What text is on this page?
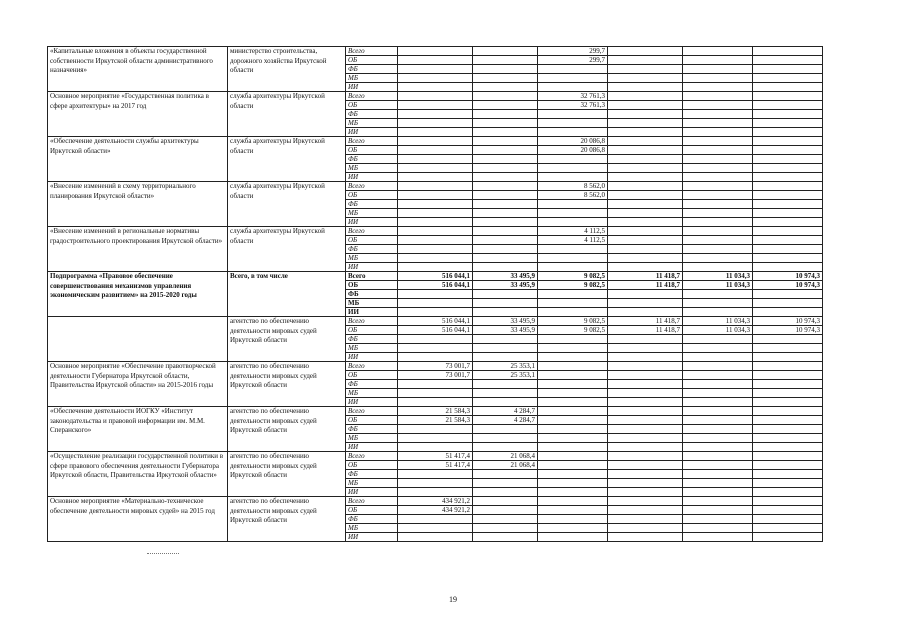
«Капитальные вложения в объекты государственной собственности Иркутской области административного назначения»	министерство строительства, дорожного хозяйства Иркутской области	Всего			299,7			
		ОБ			299,7			
		ФБ						
		МБ						
		ИИ						
Основное мероприятие «Государственная политика в сфере архитектуры» на 2017 год	служба архитектуры Иркутской области	Всего			32 761,3			
		ОБ			32 761,3			
		ФБ						
		МБ						
		ИИ						
«Обеспечение деятельности службы архитектуры Иркутской области»	служба архитектуры Иркутской области	Всего			20 086,8			
		ОБ			20 086,8			
		ФБ						
		МБ						
		ИИ						
«Внесение изменений в схему территориального планирования Иркутской области»	служба архитектуры Иркутской области	Всего			8 562,0			
		ОБ			8 562,0			
		ФБ						
		МБ						
		ИИ						
«Внесение изменений в региональные нормативы градостроительного проектирования Иркутской области»	служба архитектуры Иркутской области	Всего			4 112,5			
		ОБ			4 112,5			
		ФБ						
		МБ						
		ИИ						
Подпрограмма «Правовое обеспечение совершенствования механизмов управления экономическим развитием» на 2015-2020 годы	Всего, в том числе	Всего	516 044,1	33 495,9	9 082,5	11 418,7	11 034,3	10 974,3
		ОБ	516 044,1	33 495,9	9 082,5	11 418,7	11 034,3	10 974,3
		ФБ						
		МБ						
		ИИ						
	агентство по обеспечению деятельности мировых судей Иркутской области	Всего	516 044,1	33 495,9	9 082,5	11 418,7	11 034,3	10 974,3
		ОБ	516 044,1	33 495,9	9 082,5	11 418,7	11 034,3	10 974,3
		ФБ						
		МБ						
		ИИ						
Основное мероприятие «Обеспечение правотворческой деятельности Губернатора Иркутской области, Правительства Иркутской области» на 2015-2016 годы	агентство по обеспечению деятельности мировых судей Иркутской области	Всего	73 001,7	25 353,1				
		ОБ	73 001,7	25 353,1				
		ФБ						
		МБ						
		ИИ						
«Обеспечение деятельности ИОГКУ «Институт законодательства и правовой информации им. М.М. Сперанского»	агентство по обеспечению деятельности мировых судей Иркутской области	Всего	21 584,3	4 284,7				
		ОБ	21 584,3	4 284,7				
		ФБ						
		МБ						
		ИИ						
«Осуществление реализации государственной политики в сфере правового обеспечения деятельности Губернатора Иркутской области, Правительства Иркутской области»	агентство по обеспечению деятельности мировых судей Иркутской области	Всего	51 417,4	21 068,4				
		ОБ	51 417,4	21 068,4				
		ФБ						
		МБ						
		ИИ						
Основное мероприятие «Материально-техническое обеспечение деятельности мировых судей» на 2015 год	агентство по обеспечению деятельности мировых судей Иркутской области	Всего	434 921,2					
		ОБ	434 921,2					
		ФБ						
		МБ						
		ИИ						
19
